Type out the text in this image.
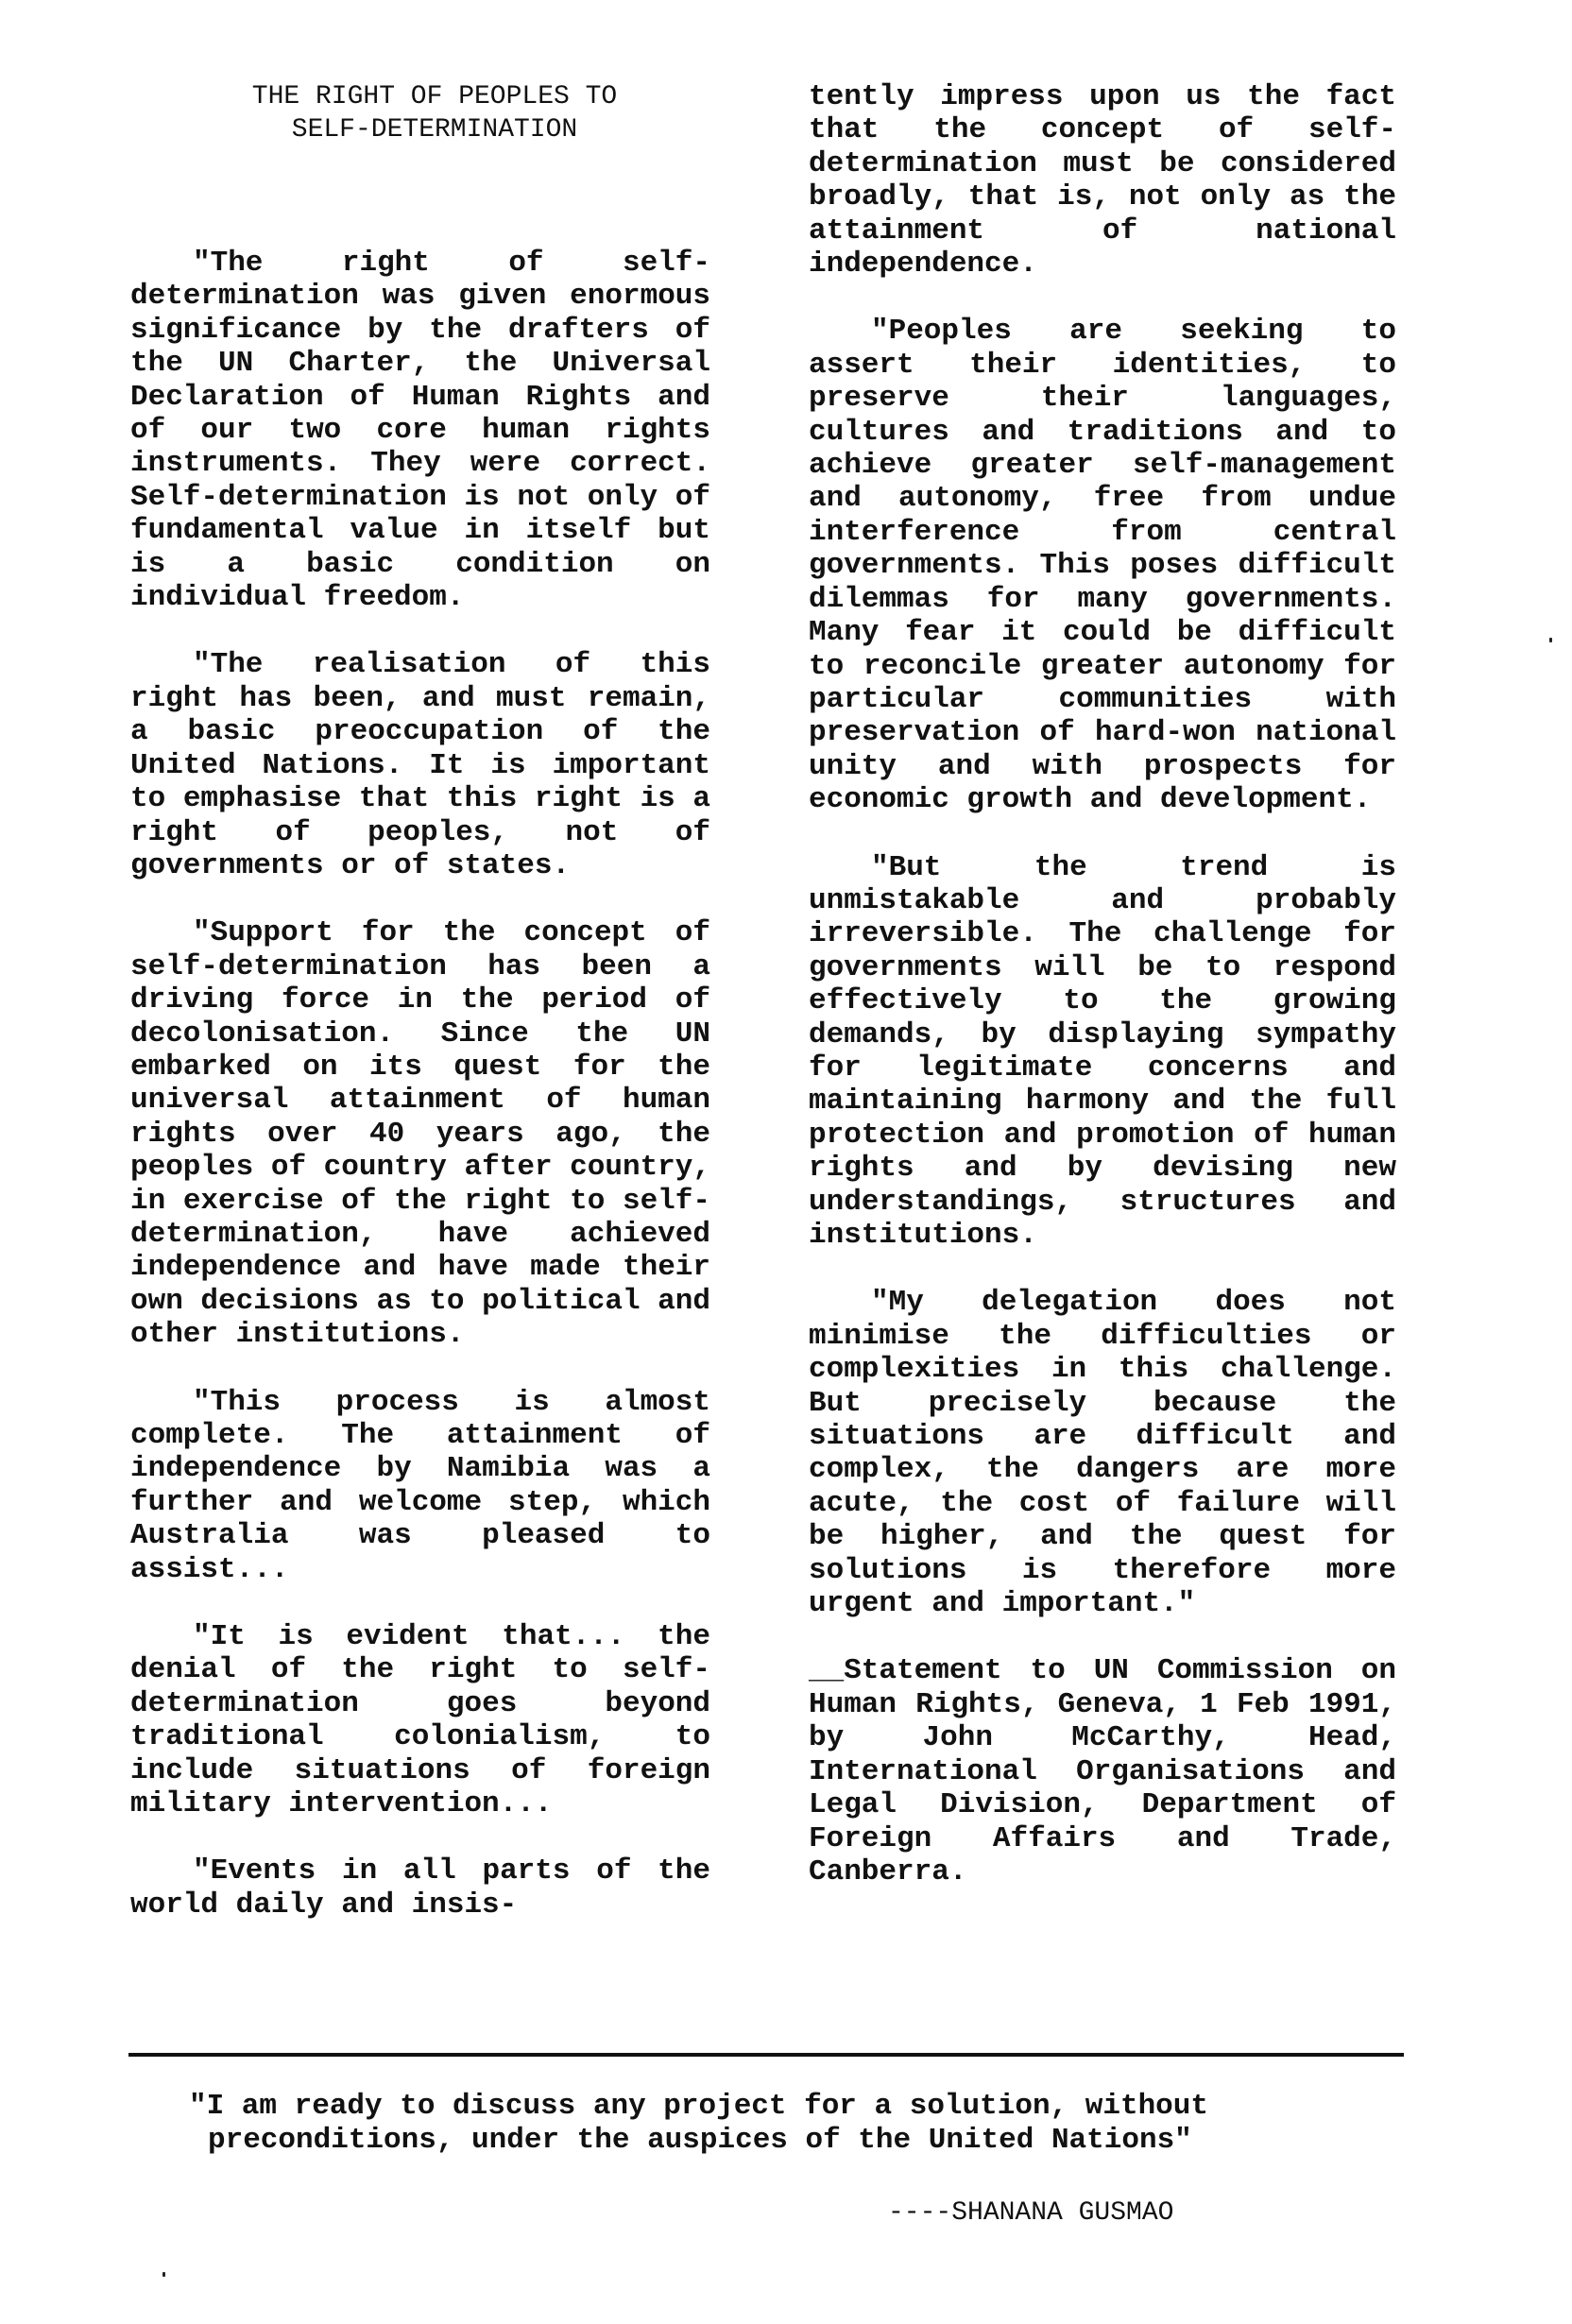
THE RIGHT OF PEOPLES TO
SELF-DETERMINATION

"The right of self-determination was given enormous significance by the drafters of the UN Charter, the Universal Declaration of Human Rights and of our two core human rights instruments. They were correct. Self-determination is not only of fundamental value in itself but is a basic condition on individual freedom.

"The realisation of this right has been, and must remain, a basic preoccupation of the United Nations. It is important to emphasise that this right is a right of peoples, not of governments or of states.

"Support for the concept of self-determination has been a driving force in the period of decolonisation. Since the UN embarked on its quest for the universal attainment of human rights over 40 years ago, the peoples of country after country, in exercise of the right to self-determination, have achieved independence and have made their own decisions as to political and other institutions.

"This process is almost complete. The attainment of independence by Namibia was a further and welcome step, which Australia was pleased to assist...

"It is evident that... the denial of the right to self-determination goes beyond traditional colonialism, to include situations of foreign military intervention...

"Events in all parts of the world daily and insis-

tently impress upon us the fact that the concept of self-determination must be considered broadly, that is, not only as the attainment of national independence.

"Peoples are seeking to assert their identities, to preserve their languages, cultures and traditions and to achieve greater self-management and autonomy, free from undue interference from central governments. This poses difficult dilemmas for many governments. Many fear it could be difficult to reconcile greater autonomy for particular communities with preservation of hard-won national unity and with prospects for economic growth and development.

"But the trend is unmistakable and probably irreversible. The challenge for governments will be to respond effectively to the growing demands, by displaying sympathy for legitimate concerns and maintaining harmony and the full protection and promotion of human rights and by devising new understandings, structures and institutions.

"My delegation does not minimise the difficulties or complexities in this challenge. But precisely because the situations are difficult and complex, the dangers are more acute, the cost of failure will be higher, and the quest for solutions is therefore more urgent and important."

__Statement to UN Commission on Human Rights, Geneva, 1 Feb 1991, by John McCarthy, Head, International Organisations and Legal Division, Department of Foreign Affairs and Trade, Canberra.

"I am ready to discuss any project for a solution, without
preconditions, under the auspices of the United Nations"
----SHANANA GUSMAO
